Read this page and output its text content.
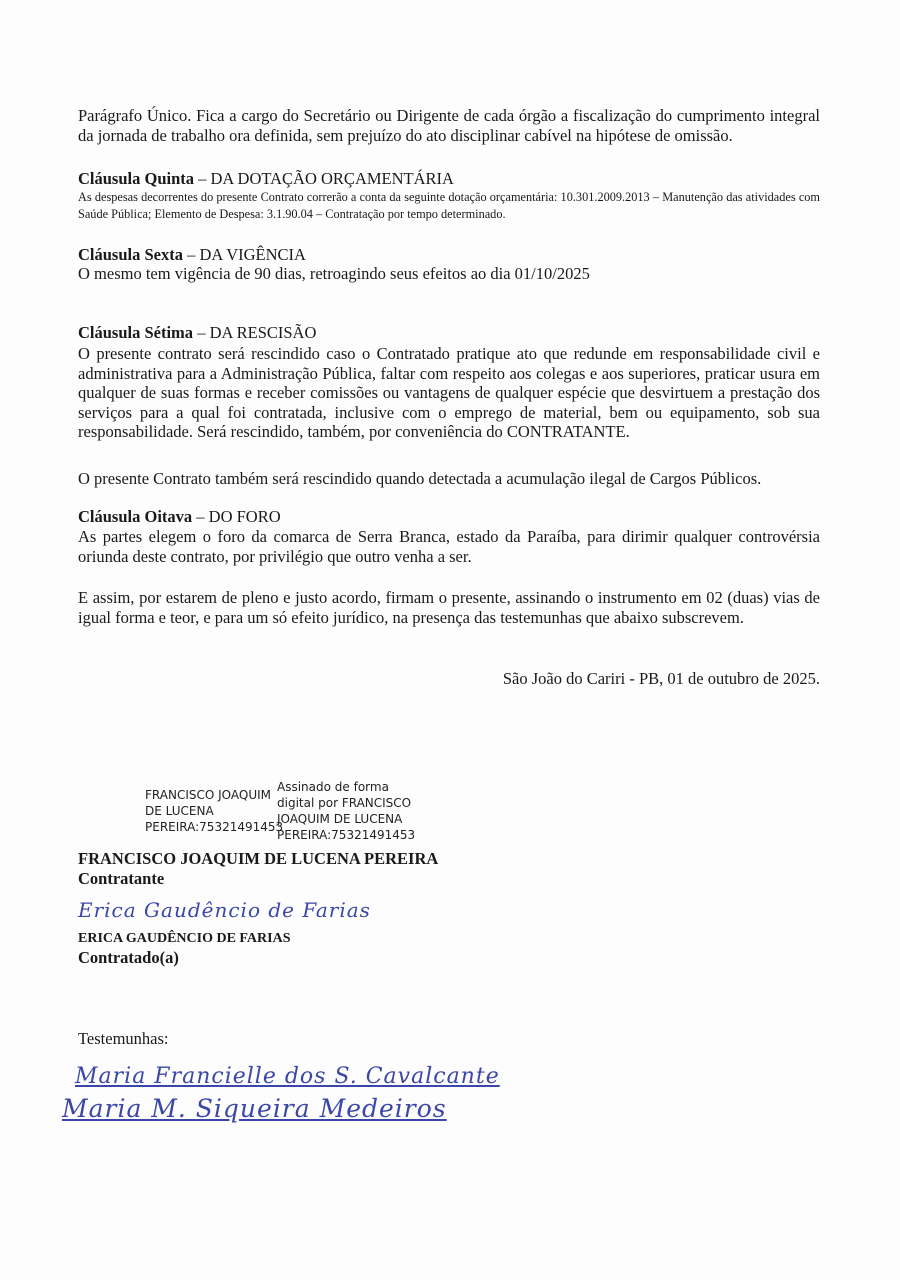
Parágrafo Único. Fica a cargo do Secretário ou Dirigente de cada órgão a fiscalização do cumprimento integral da jornada de trabalho ora definida, sem prejuízo do ato disciplinar cabível na hipótese de omissão.
Cláusula Quinta – DA DOTAÇÃO ORÇAMENTÁRIA
As despesas decorrentes do presente Contrato correrão a conta da seguinte dotação orçamentária: 10.301.2009.2013 – Manutenção das atividades com Saúde Pública; Elemento de Despesa: 3.1.90.04 – Contratação por tempo determinado.
Cláusula Sexta – DA VIGÊNCIA
O mesmo tem vigência de 90 dias, retroagindo seus efeitos ao dia 01/10/2025
Cláusula Sétima – DA RESCISÃO
O presente contrato será rescindido caso o Contratado pratique ato que redunde em responsabilidade civil e administrativa para a Administração Pública, faltar com respeito aos colegas e aos superiores, praticar usura em qualquer de suas formas e receber comissões ou vantagens de qualquer espécie que desvirtuem a prestação dos serviços para a qual foi contratada, inclusive com o emprego de material, bem ou equipamento, sob sua responsabilidade. Será rescindido, também, por conveniência do CONTRATANTE.
O presente Contrato também será rescindido quando detectada a acumulação ilegal de Cargos Públicos.
Cláusula Oitava – DO FORO
As partes elegem o foro da comarca de Serra Branca, estado da Paraíba, para dirimir qualquer controvérsia oriunda deste contrato, por privilégio que outro venha a ser.
E assim, por estarem de pleno e justo acordo, firmam o presente, assinando o instrumento em 02 (duas) vias de igual forma e teor, e para um só efeito jurídico, na presença das testemunhas que abaixo subscrevem.
São João do Cariri - PB, 01 de outubro de 2025.
FRANCISCO JOAQUIM
DE LUCENA
PEREIRA:75321491453
Assinado de forma
digital por FRANCISCO
JOAQUIM DE LUCENA
PEREIRA:75321491453
FRANCISCO JOAQUIM DE LUCENA PEREIRA
Contratante
Erica Gaudêncio de Farias
ERICA GAUDÊNCIO DE FARIAS
Contratado(a)
Testemunhas:
Maria Francielle dos S. Cavalcante
Maria M. Siqueira Medeiros
